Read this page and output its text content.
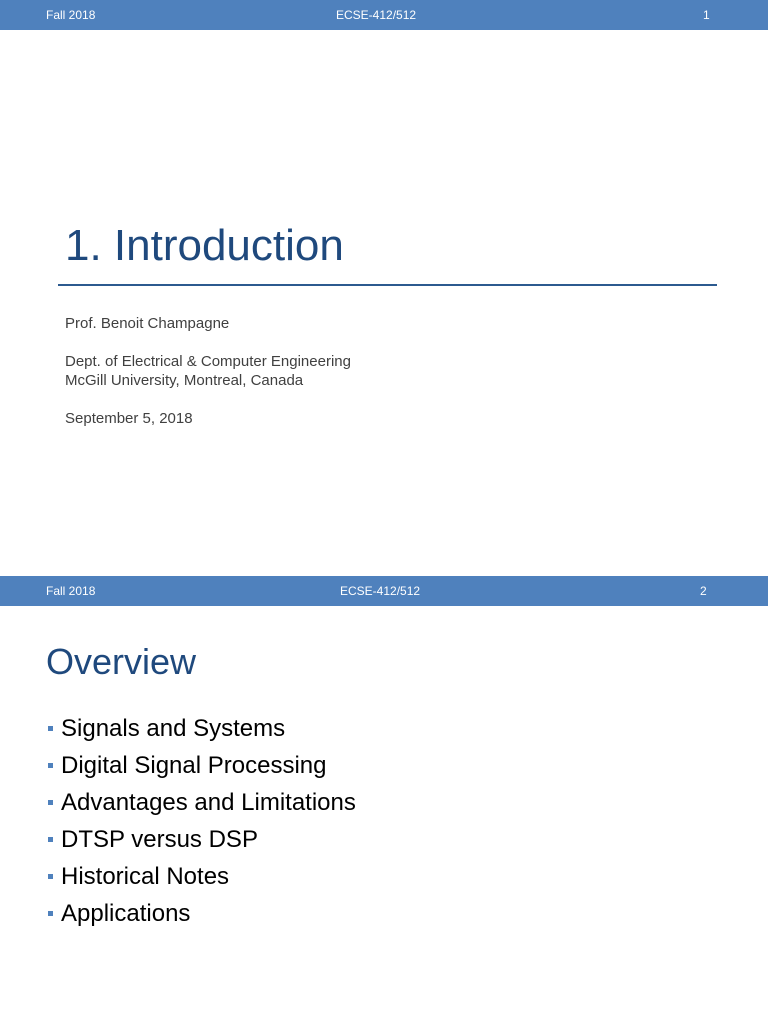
Fall 2018	ECSE-412/512	1
1. Introduction
Prof. Benoit Champagne
Dept. of Electrical & Computer Engineering
McGill University, Montreal, Canada
September 5, 2018
Fall 2018	ECSE-412/512	2
Overview
Signals and Systems
Digital Signal Processing
Advantages and Limitations
DTSP versus DSP
Historical Notes
Applications
